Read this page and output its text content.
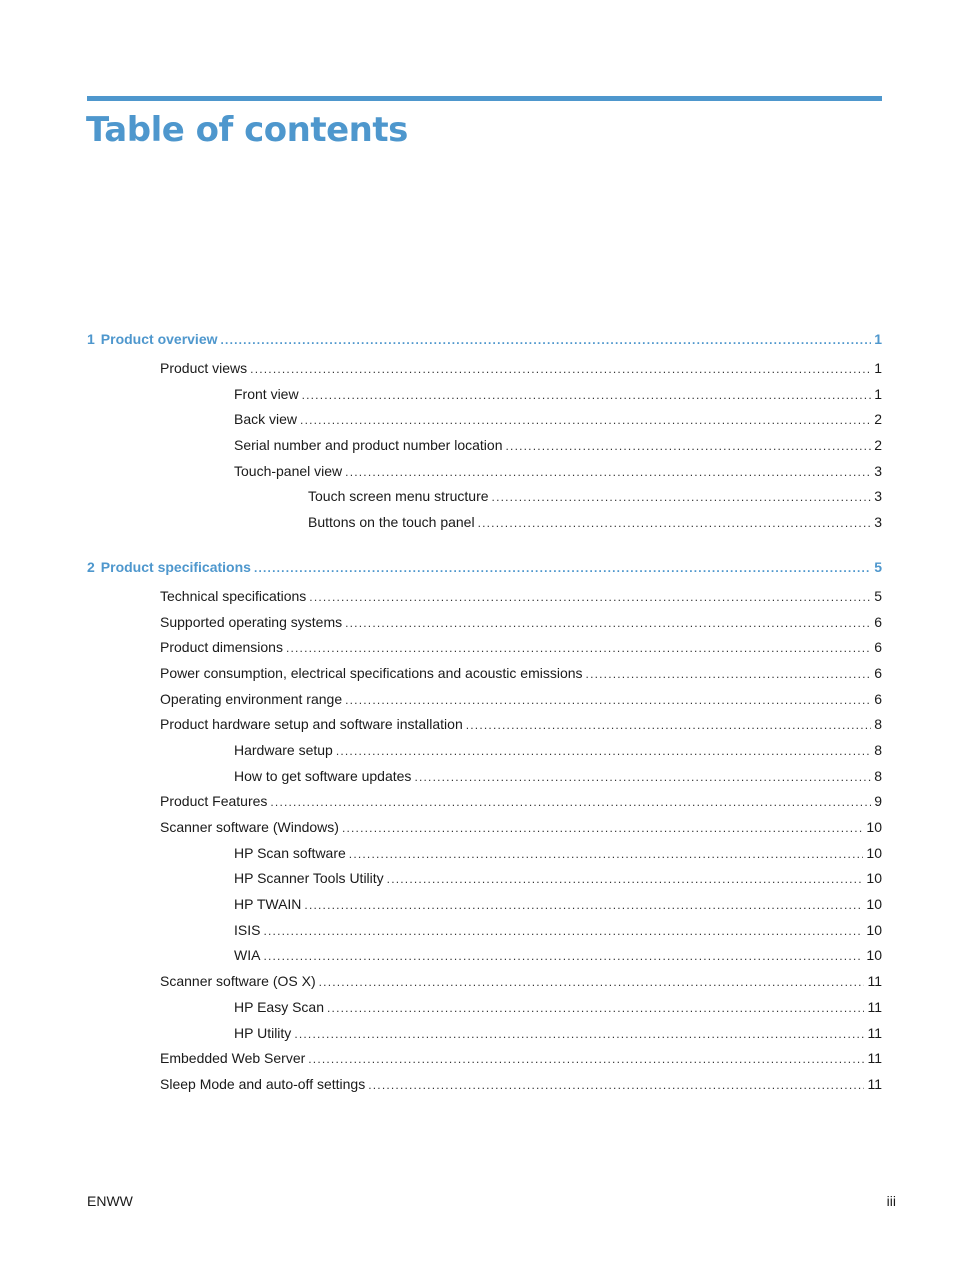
Table of contents
1 Product overview .....	1
Product views .....	1
Front view .....	1
Back view .....	2
Serial number and product number location .....	2
Touch-panel view .....	3
Touch screen menu structure .....	3
Buttons on the touch panel .....	3
2 Product specifications .....	5
Technical specifications .....	5
Supported operating systems .....	6
Product dimensions .....	6
Power consumption, electrical specifications and acoustic emissions .....	6
Operating environment range .....	6
Product hardware setup and software installation .....	8
Hardware setup .....	8
How to get software updates .....	8
Product Features .....	9
Scanner software (Windows) .....	10
HP Scan software .....	10
HP Scanner Tools Utility .....	10
HP TWAIN .....	10
ISIS .....	10
WIA .....	10
Scanner software (OS X) .....	11
HP Easy Scan .....	11
HP Utility .....	11
Embedded Web Server .....	11
Sleep Mode and auto-off settings .....	11
ENWW	iii
